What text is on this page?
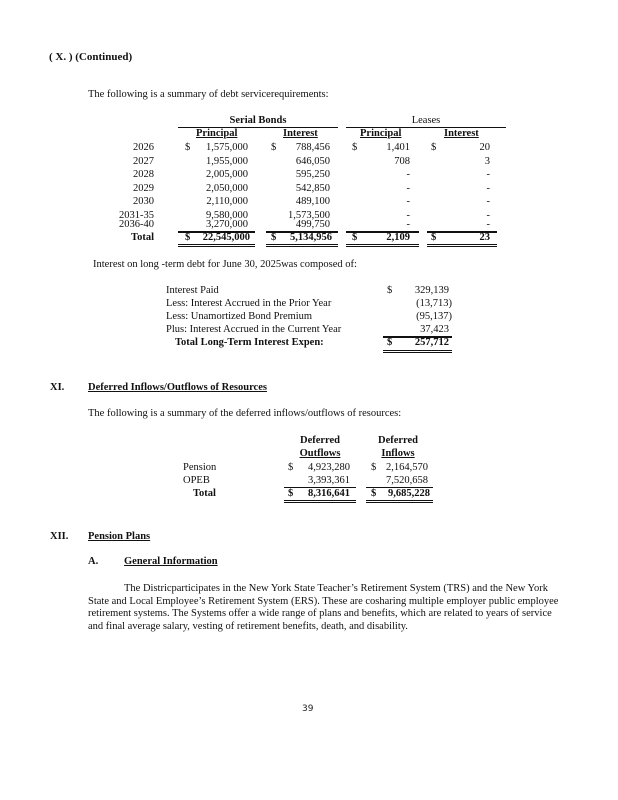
( X. ) (Continued)
The following is a summary of debt servicerequirements:
Serial Bonds	Leases
Principal	Interest	Principal	Interest
2026	$	1,575,000 $	788,456 $	1,401 $	20
2027	1,955,000	646,050	708	3
2028	2,005,000	595,250	-	-
2029	2,050,000	542,850	-	-
2030	2,110,000	489,100	-	-
2031-35	9,580,000	1,573,500	-	-
2036-40	3,270,000	499,750	-	-
Total	$	22,545,000 $	5,134,956 $	2,109 $	23
Interest on long -term debt for June 30, 2025was composed of:
Interest Paid	$	329,139
Less: Interest Accrued in the Prior Year	(13,713)
Less: Unamortized Bond Premium	(95,137)
Plus: Interest Accrued in the Current Year	37,423
Total Long-Term Interest Expen:	$	257,712
XI. Deferred Inflows/Outflows of Resources
The following is a summary of the deferred inflows/outflows of resources:
Deferred
Outflows
Deferred
Inflows
Pension	$	4,923,280 $ 2,164,570
OPEB	3,393,361	7,520,658
Total	$	8,316,641 $	9,685,228
XII. Pension Plans
A. General Information

The Districparticipates in the New York State Teacher’s Retirement System (TRS) and the New York State and Local Employee’s Retirement System (ERS). These are cosharing multiple employer public employee retirement systems. The Systems offer a wide range of plans and benefits, which are related to years of service and final average salary, vesting of retirement benefits, death, and disability.

39
